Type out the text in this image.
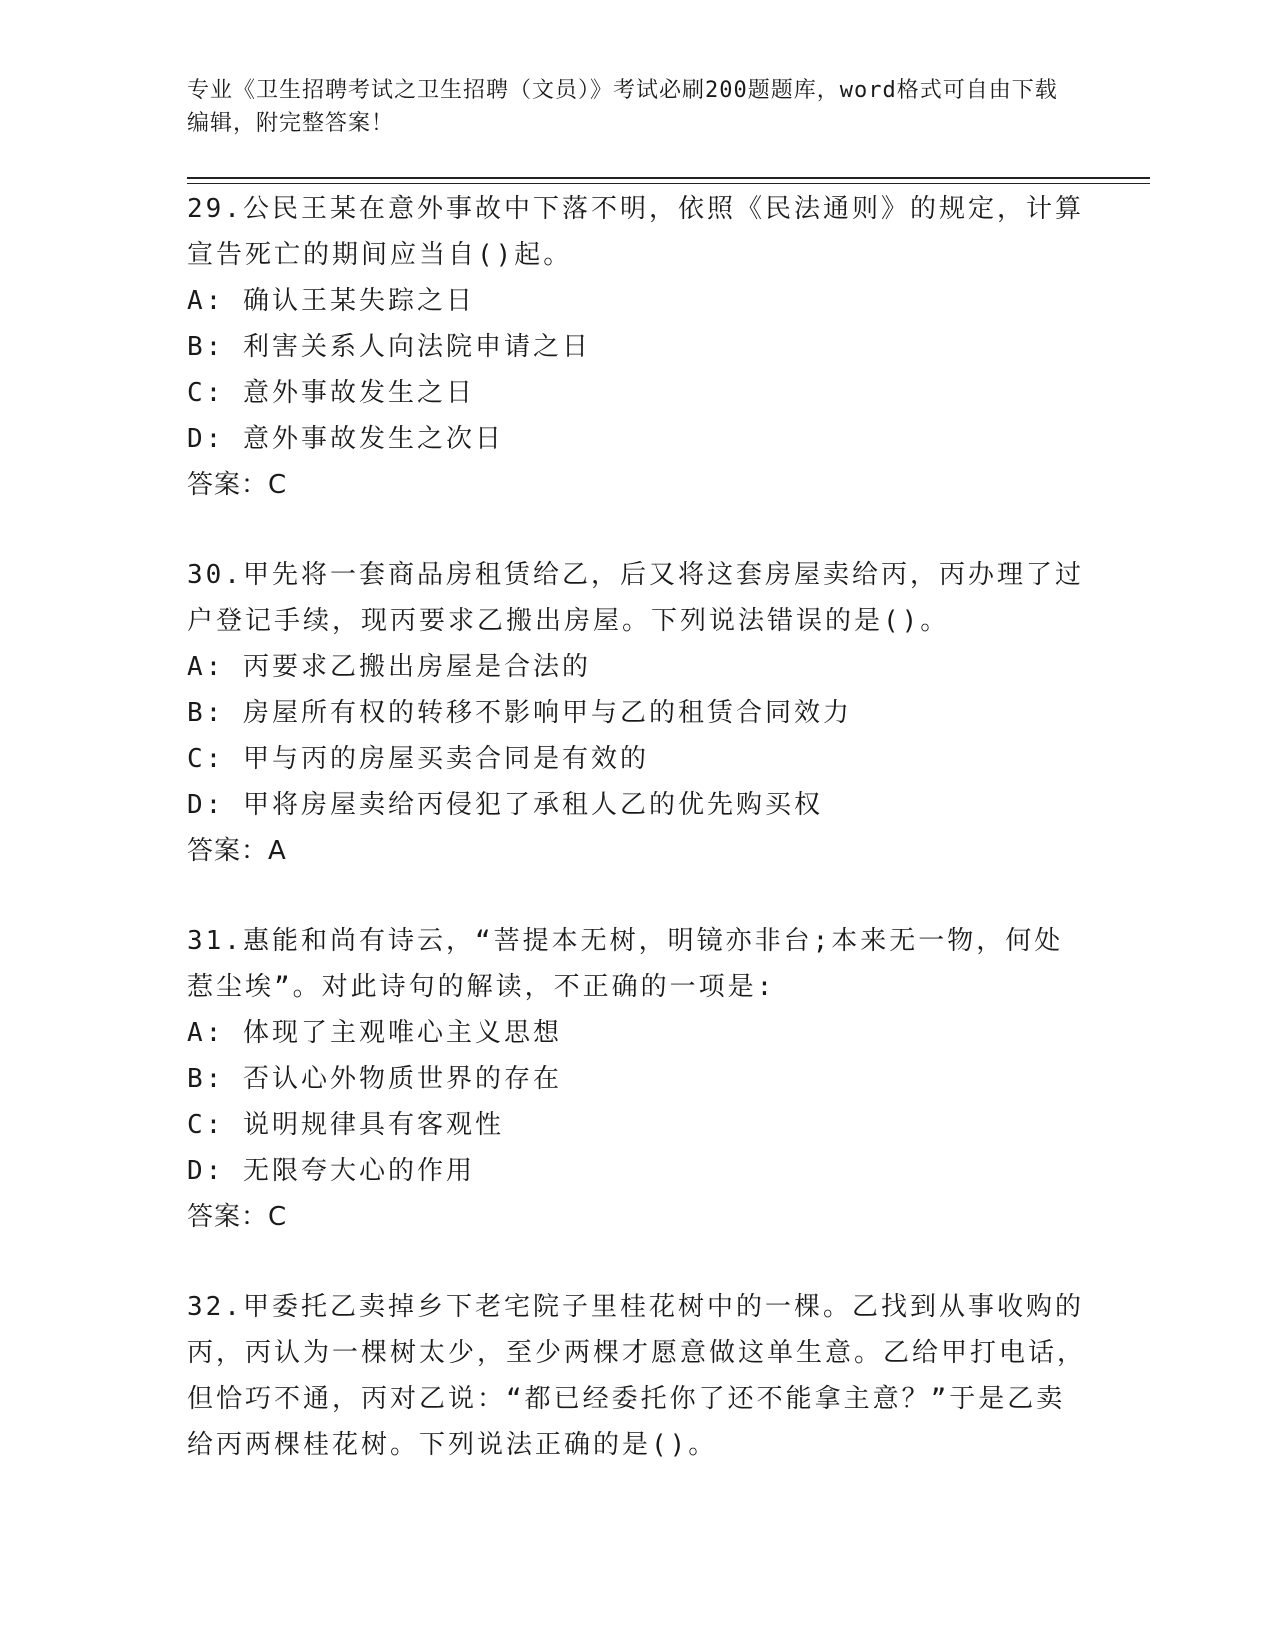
专业《卫生招聘考试之卫生招聘（文员）》考试必刷200题题库，word格式可自由下载编辑，附完整答案！
29.公民王某在意外事故中下落不明，依照《民法通则》的规定，计算宣告死亡的期间应当自()起。
A: 确认王某失踪之日
B: 利害关系人向法院申请之日
C: 意外事故发生之日
D: 意外事故发生之次日
答案：C
30.甲先将一套商品房租赁给乙，后又将这套房屋卖给丙，丙办理了过户登记手续，现丙要求乙搬出房屋。下列说法错误的是()。
A: 丙要求乙搬出房屋是合法的
B: 房屋所有权的转移不影响甲与乙的租赁合同效力
C: 甲与丙的房屋买卖合同是有效的
D: 甲将房屋卖给丙侵犯了承租人乙的优先购买权
答案：A
31.惠能和尚有诗云，“菩提本无树，明镜亦非台;本来无一物，何处惹尘埃”。对此诗句的解读，不正确的一项是:
A: 体现了主观唯心主义思想
B: 否认心外物质世界的存在
C: 说明规律具有客观性
D: 无限夸大心的作用
答案：C
32.甲委托乙卖掉乡下老宅院子里桂花树中的一棵。乙找到从事收购的丙，丙认为一棵树太少，至少两棵才愿意做这单生意。乙给甲打电话，但恰巧不通，丙对乙说：“都已经委托你了还不能拿主意？”于是乙卖给丙两棵桂花树。下列说法正确的是()。
